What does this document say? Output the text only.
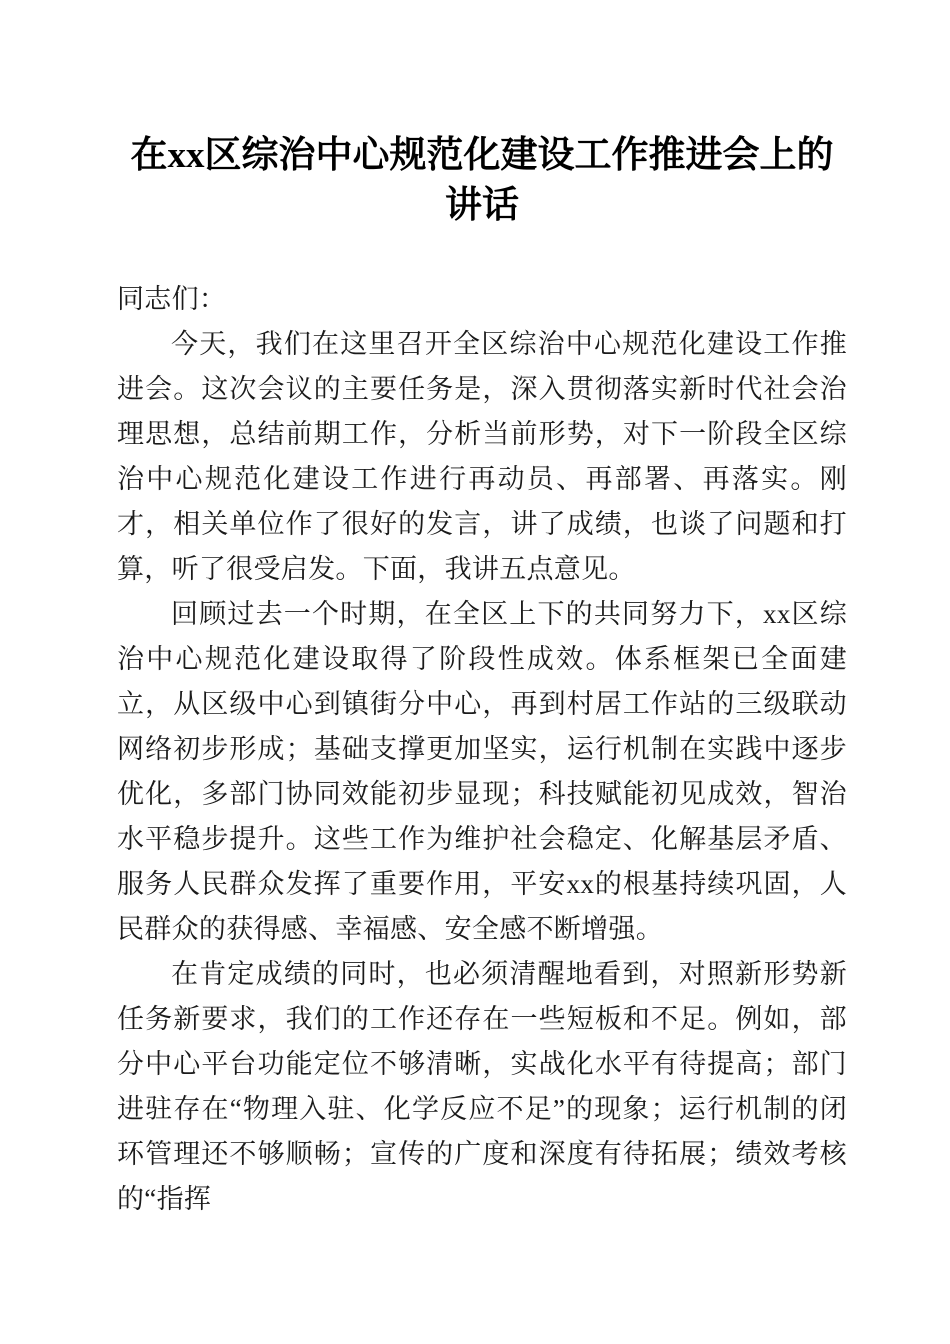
在xx区综治中心规范化建设工作推进会上的讲话

同志们：

今天，我们在这里召开全区综治中心规范化建设工作推进会。这次会议的主要任务是，深入贯彻落实新时代社会治理思想，总结前期工作，分析当前形势，对下一阶段全区综治中心规范化建设工作进行再动员、再部署、再落实。刚才，相关单位作了很好的发言，讲了成绩，也谈了问题和打算，听了很受启发。下面，我讲五点意见。

回顾过去一个时期，在全区上下的共同努力下，xx区综治中心规范化建设取得了阶段性成效。体系框架已全面建立，从区级中心到镇街分中心，再到村居工作站的三级联动网络初步形成；基础支撑更加坚实，运行机制在实践中逐步优化，多部门协同效能初步显现；科技赋能初见成效，智治水平稳步提升。这些工作为维护社会稳定、化解基层矛盾、服务人民群众发挥了重要作用，平安xx的根基持续巩固，人民群众的获得感、幸福感、安全感不断增强。

在肯定成绩的同时，也必须清醒地看到，对照新形势新任务新要求，我们的工作还存在一些短板和不足。例如，部分中心平台功能定位不够清晰，实战化水平有待提高；部门进驻存在“物理入驻、化学反应不足”的现象；运行机制的闭环管理还不够顺畅；宣传的广度和深度有待拓展；绩效考核的“指挥
